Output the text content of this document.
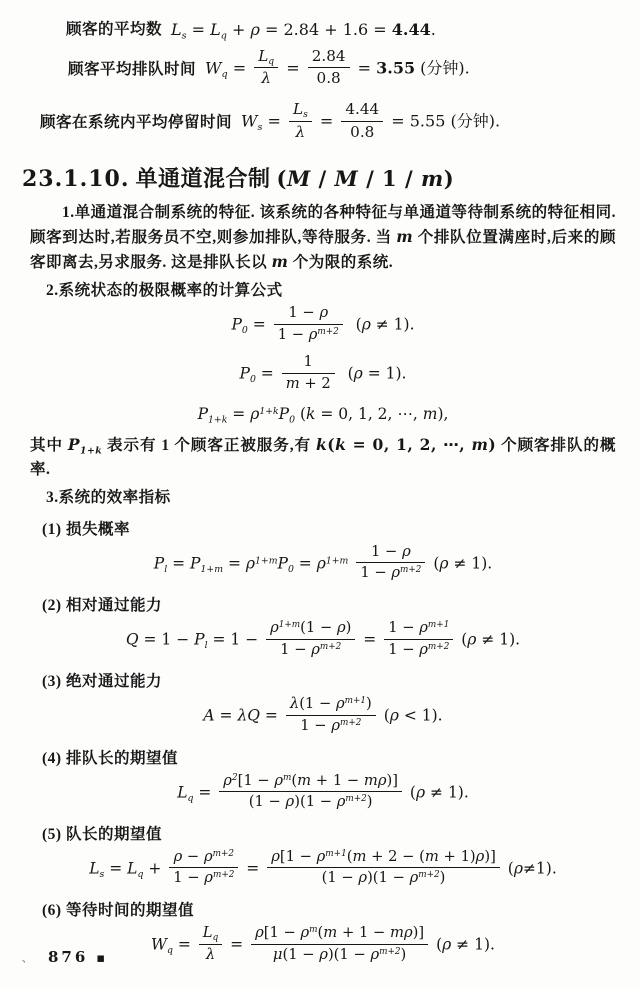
顾客的平均数 $L_s = L_q + \rho = 2.84 + 1.6 = 4.44$.
顾客平均排队时间 $W_q = \frac{L_q}{\lambda} = \frac{2.84}{0.8} = 3.55$ (分钟).
顾客在系统内平均停留时间 $W_s = \frac{L_s}{\lambda} = \frac{4.44}{0.8} = 5.55$ (分钟).
23.1.10. 单通道混合制 (M / M / 1 / m)

1.单通道混合制系统的特征. 该系统的各种特征与单通道等待制系统的特征相同. 顾客到达时,若服务员不空,则参加排队,等待服务. 当 m 个排队位置满座时,后来的顾客即离去,另求服务. 这是排队长以 m 个为限的系统.

2.系统状态的极限概率的计算公式

$P_0 = \frac{1 - \rho}{1 - \rho^{m+2}} (\rho \ne 1)$.
$P_0 = \frac{1}{m + 2} (\rho = 1)$.
$P_{1+k} = \rho^{1+k}P_0$ (k = 0, 1, 2, ⋯, m),

其中 $P_{1+k}$ 表示有 1 个顾客正被服务,有 k(k = 0, 1, 2, ⋯, m) 个顾客排队的概率.

3.系统的效率指标

(1) 损失概率

$P_l = P_{1+m} = \rho^{1+m}P_0 = \rho^{1+m} \frac{1 - \rho}{1 - \rho^{m+2}} (\rho \ne 1)$.

(2) 相对通过能力

$Q = 1 - P_l = 1 - \frac{\rho^{1+m}(1 - \rho)}{1 - \rho^{m+2}} = \frac{1 - \rho^{m+1}}{1 - \rho^{m+2}} (\rho \ne 1)$.

(3) 绝对通过能力

$A = \lambda Q = \frac{\lambda(1 - \rho^{m+1})}{1 - \rho^{m+2}} (\rho < 1)$.

(4) 排队长的期望值

$L_q = \frac{\rho^2[1 - \rho^m(m + 1 - m\rho)]}{(1 - \rho)(1 - \rho^{m+2})} (\rho \ne 1)$.

(5) 队长的期望值

$L_s = L_q + \frac{\rho - \rho^{m+2}}{1 - \rho^{m+2}} = \frac{\rho[1 - \rho^{m+1}(m + 2 - (m + 1)\rho)]}{(1 - \rho)(1 - \rho^{m+2})} (\rho\ne 1)$.

(6) 等待时间的期望值

$W_q = \frac{L_q}{\lambda} = \frac{\rho[1 - \rho^m(m + 1 - m\rho)]}{\mu(1 - \rho)(1 - \rho^{m+2})} (\rho \ne 1)$.
、 876 ▪
